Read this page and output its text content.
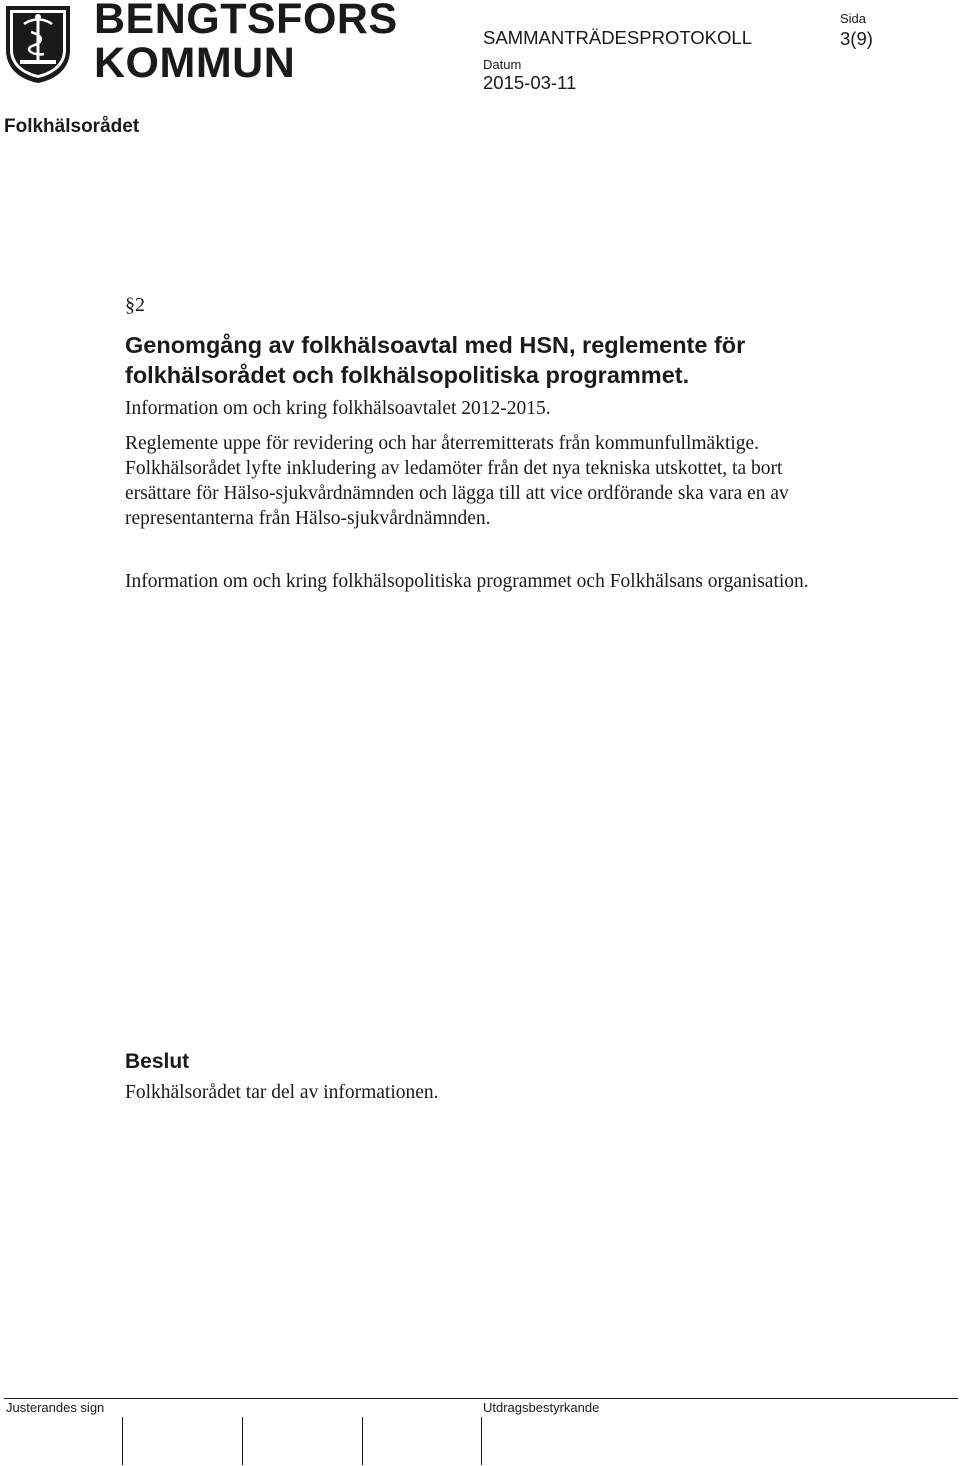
BENGTSFORS
KOMMUN
SAMMANTRÄDESPROTOKOLL
Sida
3(9)
Datum
2015-03-11
Folkhälsorådet
§2
Genomgång av folkhälsoavtal med HSN, reglemente för folkhälsorådet och folkhälsopolitiska programmet.

Information om och kring folkhälsoavtalet 2012-2015.

Reglemente uppe för revidering och har återremitterats från kommunfullmäktige. Folkhälsorådet lyfte inkludering av ledamöter från det nya tekniska utskottet, ta bort ersättare för Hälso-sjukvårdnämnden och lägga till att vice ordförande ska vara en av representanterna från Hälso-sjukvårdnämnden.

Information om och kring folkhälsopolitiska programmet och Folkhälsans organisation.

Beslut
Folkhälsorådet tar del av informationen.
Justerandes sign	Utdragsbestyrkande
